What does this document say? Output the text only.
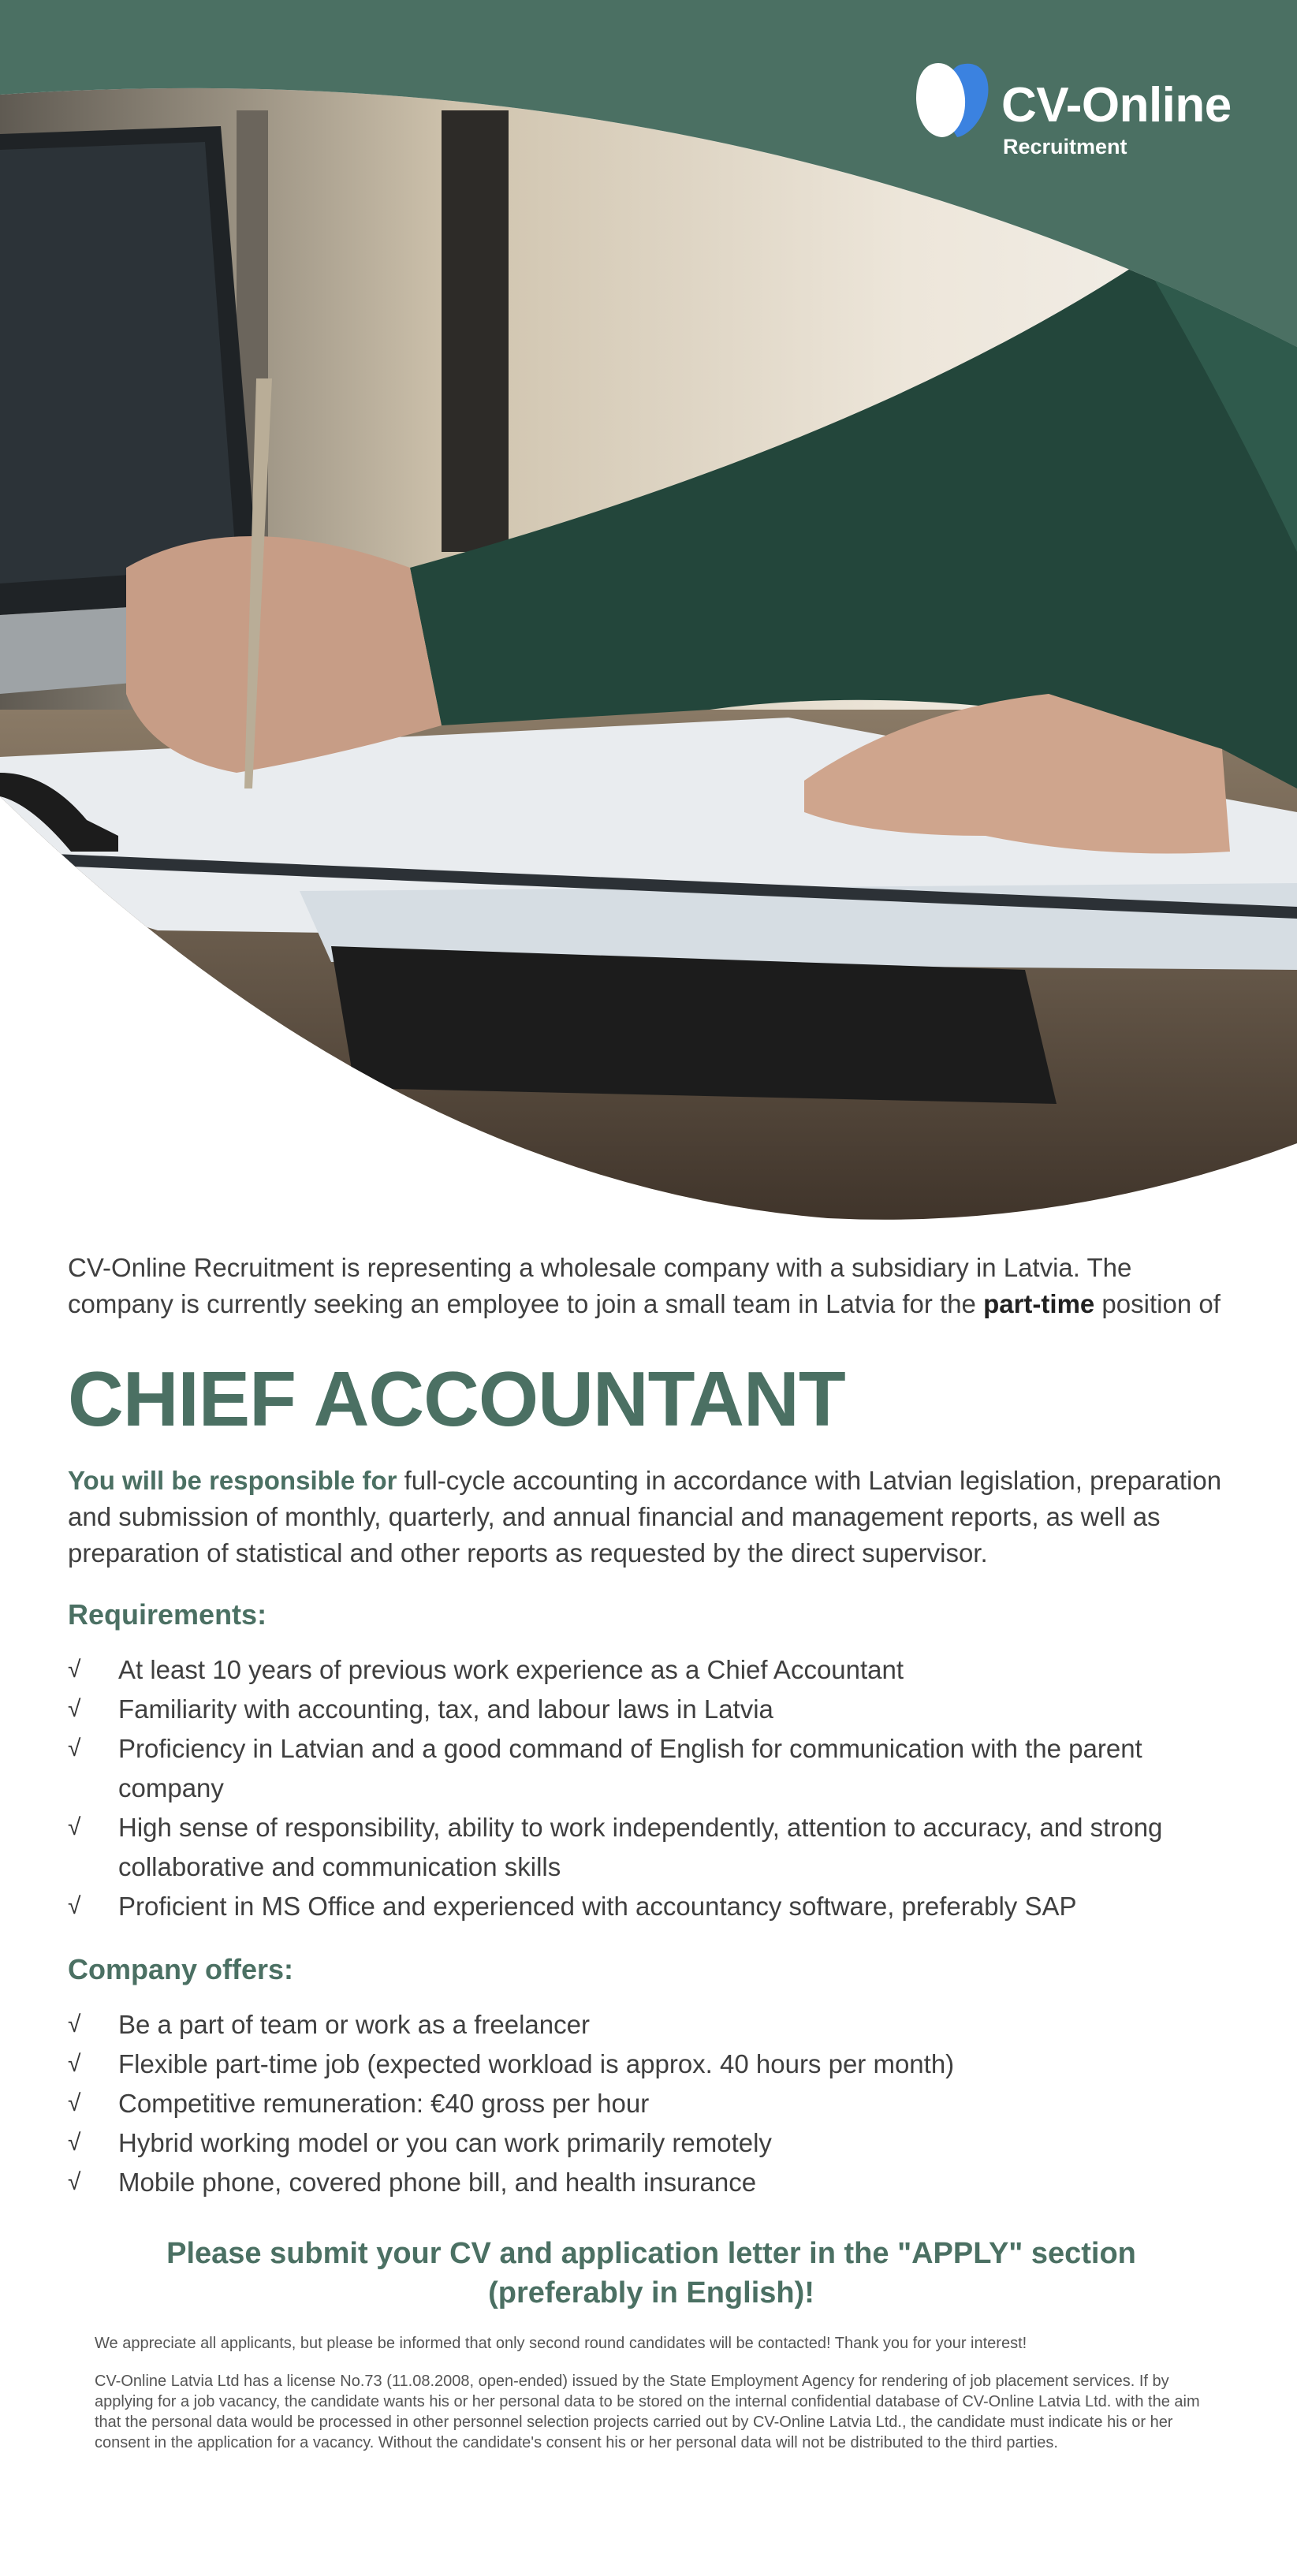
CV-Online
Recruitment

CV-Online Recruitment is representing a wholesale company with a subsidiary in Latvia. The company is currently seeking an employee to join a small team in Latvia for the part-time position of

CHIEF ACCOUNTANT

You will be responsible for full-cycle accounting in accordance with Latvian legislation, preparation and submission of monthly, quarterly, and annual financial and management reports, as well as preparation of statistical and other reports as requested by the direct supervisor.

Requirements:
√ At least 10 years of previous work experience as a Chief Accountant
√ Familiarity with accounting, tax, and labour laws in Latvia
√ Proficiency in Latvian and a good command of English for communication with the parent company
√ High sense of responsibility, ability to work independently, attention to accuracy, and strong collaborative and communication skills
√ Proficient in MS Office and experienced with accountancy software, preferably SAP
Company offers:
√ Be a part of team or work as a freelancer
√ Flexible part-time job (expected workload is approx. 40 hours per month)
√ Competitive remuneration: €40 gross per hour
√ Hybrid working model or you can work primarily remotely
√ Mobile phone, covered phone bill, and health insurance
Please submit your CV and application letter in the "APPLY" section
(preferably in English)!

We appreciate all applicants, but please be informed that only second round candidates will be contacted! Thank you for your interest!

CV-Online Latvia Ltd has a license No.73 (11.08.2008, open-ended) issued by the State Employment Agency for rendering of job placement services. If by applying for a job vacancy, the candidate wants his or her personal data to be stored on the internal confidential database of CV-Online Latvia Ltd. with the aim that the personal data would be processed in other personnel selection projects carried out by CV-Online Latvia Ltd., the candidate must indicate his or her consent in the application for a vacancy. Without the candidate's consent his or her personal data will not be distributed to the third parties.
